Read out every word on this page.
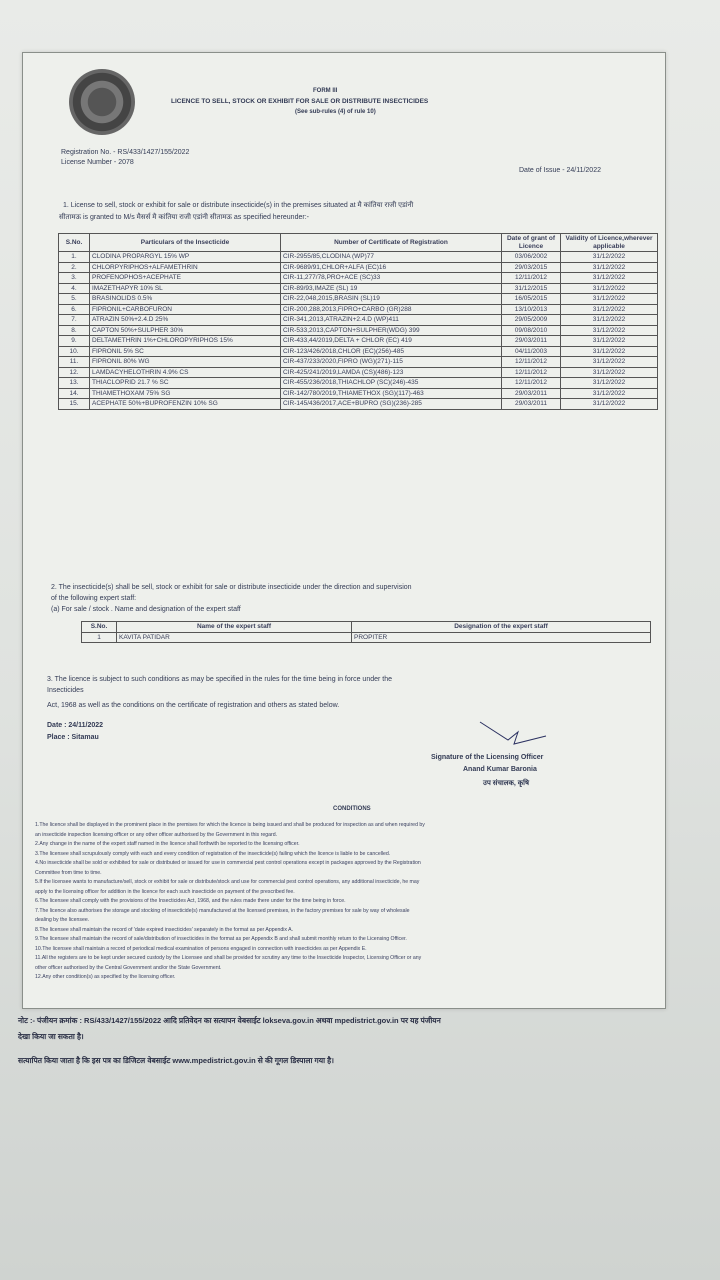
FORM III
LICENCE TO SELL, STOCK OR EXHIBIT FOR SALE OR DISTRIBUTE INSECTICIDES
(See sub-rules (4) of rule 10)
Registration No. - RS/433/1427/155/2022
License Number - 2078
Date of Issue - 24/11/2022
1. License to sell, stock or exhibit for sale or distribute insecticide(s) in the premises situated at मै कांतिया राजी एडांनी
सीतामऊ is granted to M/s मैसर्स मै कांतिया राजी एडांनी सीतामऊ as specified hereunder:-
S.No.	Particulars of the Insecticide	Number of Certificate of Registration	Date of grant of Licence	Validity of Licence,wherever applicable
1.	CLODINA PROPARGYL 15% WP	CIR-2955/85,CLODINA (WP)77	03/06/2002	31/12/2022
2.	CHLORPYRIPHOS+ALFAMETHRIN	CIR-9689/91,CHLOR+ALFA (EC)16	29/03/2015	31/12/2022
3.	PROFENOPHOS+ACEPHATE	CIR-11,277/78,PRO+ACE (SC)33	12/11/2012	31/12/2022
4.	IMAZETHAPYR 10% SL	CIR-89/93,IMAZE (SL) 19	31/12/2015	31/12/2022
5.	BRASINOLIDS 0.5%	CIR-22,048,2015,BRASIN (SL)19	16/05/2015	31/12/2022
6.	FIPRONIL+CARBOFURON	CIR-200,288,2013,FIPRO+CARBO (GR)288	13/10/2013	31/12/2022
7.	ATRAZIN 50%+2.4.D 25%	CIR-341,2013,ATRAZIN+2.4.D (WP)411	29/05/2009	31/12/2022
8.	CAPTON 50%+SULPHER 30%	CIR-533,2013,CAPTON+SULPHER(WDG) 399	09/08/2010	31/12/2022
9.	DELTAMETHRIN 1%+CHLOROPYRIPHOS 15%	CIR-433,44/2019,DELTA + CHLOR (EC) 419	29/03/2011	31/12/2022
10.	FIPRONIL 5% SC	CIR-123/426/2018,CHLOR (EC)(256)-485	04/11/2003	31/12/2022
11.	FIPRONIL 80% WG	CIR-437/233/2020,FIPRO (WG)(271)-115	12/11/2012	31/12/2022
12.	LAMDACYHELOTHRIN 4.9% CS	CIR-425/241/2019,LAMDA (CS)(486)-123	12/11/2012	31/12/2022
13.	THIACLOPRID 21.7 % SC	CIR-455/236/2018,THIACHLOP (SC)(246)-435	12/11/2012	31/12/2022
14.	THIAMETHOXAM 75% SG	CIR-142/780/2019,THIAMETHOX (SG)(117)-463	29/03/2011	31/12/2022
15.	ACEPHATE 50%+BUPROFENZIN 10% SG	CIR-145/436/2017,ACE+BUPRO (SG)(236)-285	29/03/2011	31/12/2022
2. The insecticide(s) shall be sell, stock or exhibit for sale or distribute insecticide under the direction and supervision
of the following expert staff:
(a) For sale / stock . Name and designation of the expert staff
S.No.	Name of the expert staff	Designation of the expert staff
1	KAVITA PATIDAR	PROPITER
3. The licence is subject to such conditions as may be specified in the rules for the time being in force under the
Insecticides
Act, 1968 as well as the conditions on the certificate of registration and others as stated below.
Date : 24/11/2022
Place : Sitamau
Signature of the Licensing Officer
Anand Kumar Baronia
उप संचालक, कृषि
CONDITIONS
1.The licence shall be displayed in the prominent place in the premises for which the licence is being issued and shall be produced for inspection as and when required by
an insecticide inspection licensing officer or any other officer authorised by the Government in this regard.
2.Any change in the name of the expert staff named in the licence shall forthwith be reported to the licensing officer.
3.The licensee shall scrupulously comply with each and every condition of registration of the insecticide(s) failing which the licence is liable to be cancelled.
4.No insecticide shall be sold or exhibited for sale or distributed or issued for use in commercial pest control operations except in packages approved by the Registration
Committee from time to time.
5.If the licensee wants to manufacture/sell, stock or exhibit for sale or distribute/stock and use for commercial pest control operations, any additional insecticide, he may
apply to the licensing officer for addition in the licence for each such insecticide on payment of the prescribed fee.
6.The licensee shall comply with the provisions of the Insecticides Act, 1968, and the rules made there under for the time being in force.
7.The licence also authorises the storage and stocking of insecticide(s) manufactured at the licensed premises, in the factory premises for sale by way of wholesale
dealing by the licensee.
8.The licensee shall maintain the record of 'date expired insecticides' separately in the format as per Appendix A.
9.The licensee shall maintain the record of sale/distribution of insecticides in the format as per Appendix B and shall submit monthly return to the Licensing Officer.
10.The licensee shall maintain a record of periodical medical examination of persons engaged in connection with insecticides as per Appendix E.
11.All the registers are to be kept under secured custody by the Licensee and shall be provided for scrutiny any time to the Insecticide Inspector, Licensing Officer or any
other officer authorised by the Central Government and/or the State Government.
12.Any other condition(s) as specified by the licensing officer.
नोट :- पंजीयन क्रमांक : RS/433/1427/155/2022 आदि प्रतिवेदन का सत्यापन वेबसाईट lokseva.gov.in अथवा mpedistrict.gov.in पर यह पंजीयन
देखा किया जा सकता है।
सत्यापित किया जाता है कि इस पत्र का डिजिटल वेबसाईट www.mpedistrict.gov.in से की गूगल डिस्पाला गया है।
